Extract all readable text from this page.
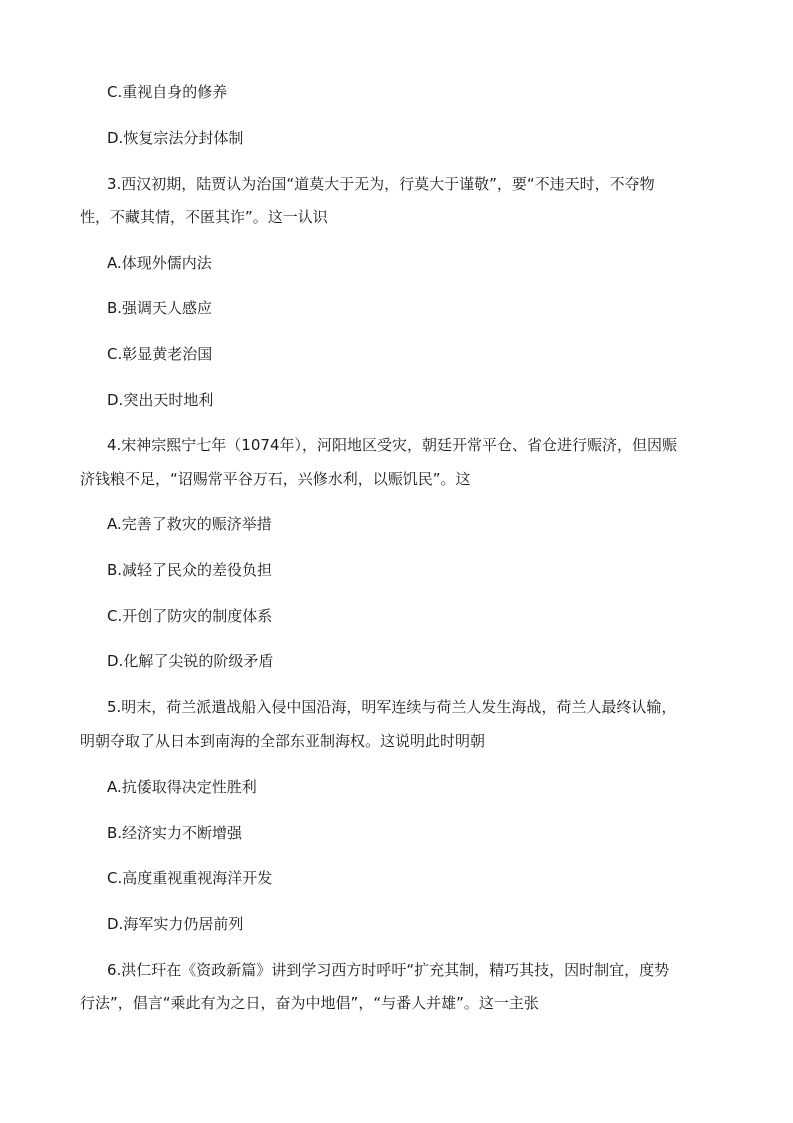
C.重视自身的修养
D.恢复宗法分封体制
3.西汉初期，陆贾认为治国“道莫大于无为，行莫大于谨敬”，要“不违天时，不夺物
性，不藏其情，不匿其诈”。这一认识
A.体现外儒内法
B.强调天人感应
C.彰显黄老治国
D.突出天时地利
4.宋神宗熙宁七年（1074年），河阳地区受灾，朝廷开常平仓、省仓进行赈济，但因赈
济钱粮不足，“诏赐常平谷万石，兴修水利，以赈饥民”。这
A.完善了救灾的赈济举措
B.减轻了民众的差役负担
C.开创了防灾的制度体系
D.化解了尖锐的阶级矛盾
5.明末，荷兰派遣战船入侵中国沿海，明军连续与荷兰人发生海战，荷兰人最终认输，
明朝夺取了从日本到南海的全部东亚制海权。这说明此时明朝
A.抗倭取得决定性胜利
B.经济实力不断增强
C.高度重视重视海洋开发
D.海军实力仍居前列
6.洪仁玕在《资政新篇》讲到学习西方时呼吁“扩充其制，精巧其技，因时制宜，度势
行法”，倡言“乘此有为之日，奋为中地倡”，“与番人并雄”。这一主张
